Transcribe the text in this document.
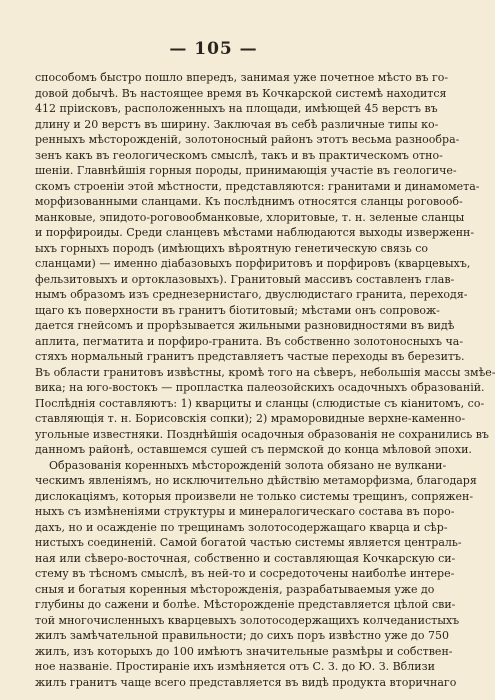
— 105 —
способомъ быстро пошло впередъ, занимая уже почетное мѣсто въ го-
довой добычѣ. Въ настоящее время въ Кочкарской системѣ находится
412 прiисковъ, расположенныхъ на площади, имѣющей 45 верстъ въ
длину и 20 верстъ въ ширину. Заключая въ себѣ различные типы ко-
ренныхъ мѣсторожденiй, золотоносный районъ этотъ весьма разнообра-
зенъ какъ въ геологическомъ смыслѣ, такъ и въ практическомъ отно-
шенiи. Главнѣйшiя горныя породы, принимающiя участiе въ геологиче-
скомъ строенiи этой мѣстности, представляются: гранитами и динамомета-
морфизованными сланцами. Къ послѣднимъ относятся сланцы роговооб-
манковые, эпидото-роговообманковые, хлоритовые, т. н. зеленые сланцы
и порфироиды. Среди сланцевъ мѣстами наблюдаются выходы изверженн-
ыхъ горныхъ породъ (имѣющихъ вѣроятную генетическую связь со
сланцами) — именно дiабазовыхъ порфиритовъ и порфировъ (кварцевыхъ,
фельзитовыхъ и ортоклазовыхъ). Гранитовый массивъ составленъ глав-
нымъ образомъ изъ среднезернистаго, двуслюдистаго гранита, переходя-
щаго къ поверхности въ гранитъ бiотитовый; мѣстами онъ сопровож-
дается гнейсомъ и прорѣзывается жильными разновидностями въ видѣ
аплита, пегматита и порфиро-гранита. Въ собственно золотоносныхъ ча-
стяхъ нормальный гранитъ представляетъ частые переходы въ березитъ.
Въ области гранитовъ извѣстны, кромѣ того на сѣверъ, небольшiя массы змѣе-
вика; на юго-востокъ — пропластка палеозойскихъ осадочныхъ образованiй.
Послѣднiя составляютъ: 1) кварциты и сланцы (слюдистые съ кiанитомъ, со-
ставляющiя т. н. Борисовскiя сопки); 2) мраморовидные верхне-каменно-
угольные известняки. Позднѣйшiя осадочныя образованiя не сохранились въ
данномъ районѣ, оставшемся сушей съ пермской до конца мѣловой эпохи.
Образованiя коренныхъ мѣсторожденiй золота обязано не вулкани-
ческимъ явленiямъ, но исключительно дѣйствiю метаморфизма, благодаря
дислокацiямъ, которыя произвели не только системы трещинъ, сопряжен-
ныхъ съ измѣненiями структуры и минералогическаго состава въ поро-
дахъ, но и осажденiе по трещинамъ золотосодержащаго кварца и сѣр-
нистыхъ соединенiй. Самой богатой частью системы является централь-
ная или сѣверо-восточная, собственно и составляющая Кочкарскую си-
стему въ тѣсномъ смыслѣ, въ ней-то и сосредоточены наиболѣе интере-
сныя и богатыя коренныя мѣсторожденiя, разрабатываемыя уже до
глубины до сажени и болѣе. Мѣсторожденiе представляется цѣлой сви-
той многочисленныхъ кварцевыхъ золотосодержащихъ колчеданистыхъ
жилъ замѣчательной правильности; до сихъ поръ извѣстно уже до 750
жилъ, изъ которыхъ до 100 имѣютъ значительные размѣры и собствен-
ное названiе. Простиранiе ихъ измѣняется отъ С. З. до Ю. З. Вблизи
жилъ гранитъ чаще всего представляется въ видѣ продукта вторичнаго
